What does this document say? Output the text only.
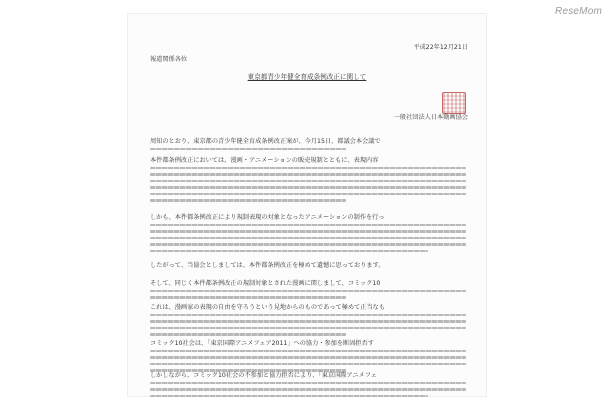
ReseMom
平成22年12月21日
報道関係各位
東京都青少年健全育成条例改正に関して
一般社団法人日本動画協会
周知のとおり、東京都の青少年健全育成条例改正案が、今月15日、都議会本会議で
本件都条例改正においては、漫画・アニメーションの販売規制とともに、表現内容
しかも、本件都条例改正により規制表現の対象となったアニメーションの制作を行っ
したがって、当協会としましては、本件都条例改正を極めて遺憾に思っております。
そして、同じく本件都条例改正の規制対象とされた漫画に関しまして、コミック10
これは、漫画家の表現の自由を守ろうという見地からのものであって極めて正当なも
コミック10社会は、「東京国際アニメフェア2011」への協力・参加を断固拒否す
しかしながら、コミック10社会の不参加と協力拒否により、「東京国際アニメフェ
